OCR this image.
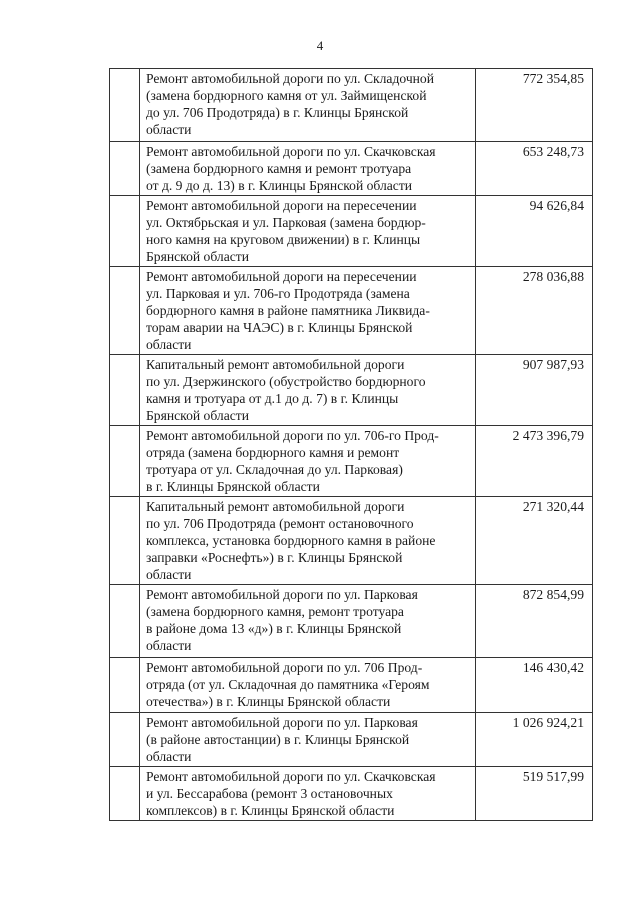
4

	Ремонт автомобильной дороги по ул. Складочной
(замена бордюрного камня от ул. Займищенской
до ул. 706 Продотряда) в г. Клинцы Брянской
области	772 354,85

	Ремонт автомобильной дороги по ул. Скачковская
(замена бордюрного камня и ремонт тротуара
от д. 9 до д. 13) в г. Клинцы Брянской области	653 248,73

	Ремонт автомобильной дороги на пересечении
ул. Октябрьская и ул. Парковая (замена бордюр-
ного камня на круговом движении) в г. Клинцы
Брянской области	94 626,84

	Ремонт автомобильной дороги на пересечении
ул. Парковая и ул. 706-го Продотряда (замена
бордюрного камня в районе памятника Ликвида-
торам аварии на ЧАЭС) в г. Клинцы Брянской
области	278 036,88

	Капитальный ремонт автомобильной дороги
по ул. Дзержинского (обустройство бордюрного
камня и тротуара от д.1 до д. 7) в г. Клинцы
Брянской области	907 987,93

	Ремонт автомобильной дороги по ул. 706-го Прод-
отряда (замена бордюрного камня и ремонт
тротуара от ул. Складочная до ул. Парковая)
в г. Клинцы Брянской области	2 473 396,79

	Капитальный ремонт автомобильной дороги
по ул. 706 Продотряда (ремонт остановочного
комплекса, установка бордюрного камня в районе
заправки «Роснефть») в г. Клинцы Брянской
области	271 320,44

	Ремонт автомобильной дороги по ул. Парковая
(замена бордюрного камня, ремонт тротуара
в районе дома 13 «д») в г. Клинцы Брянской
области	872 854,99

	Ремонт автомобильной дороги по ул. 706 Прод-
отряда (от ул. Складочная до памятника «Героям
отечества») в г. Клинцы Брянской области	146 430,42

	Ремонт автомобильной дороги по ул. Парковая
(в районе автостанции) в г. Клинцы Брянской
области	1 026 924,21

	Ремонт автомобильной дороги по ул. Скачковская
и ул. Бессарабова (ремонт 3 остановочных
комплексов) в г. Клинцы Брянской области	519 517,99
